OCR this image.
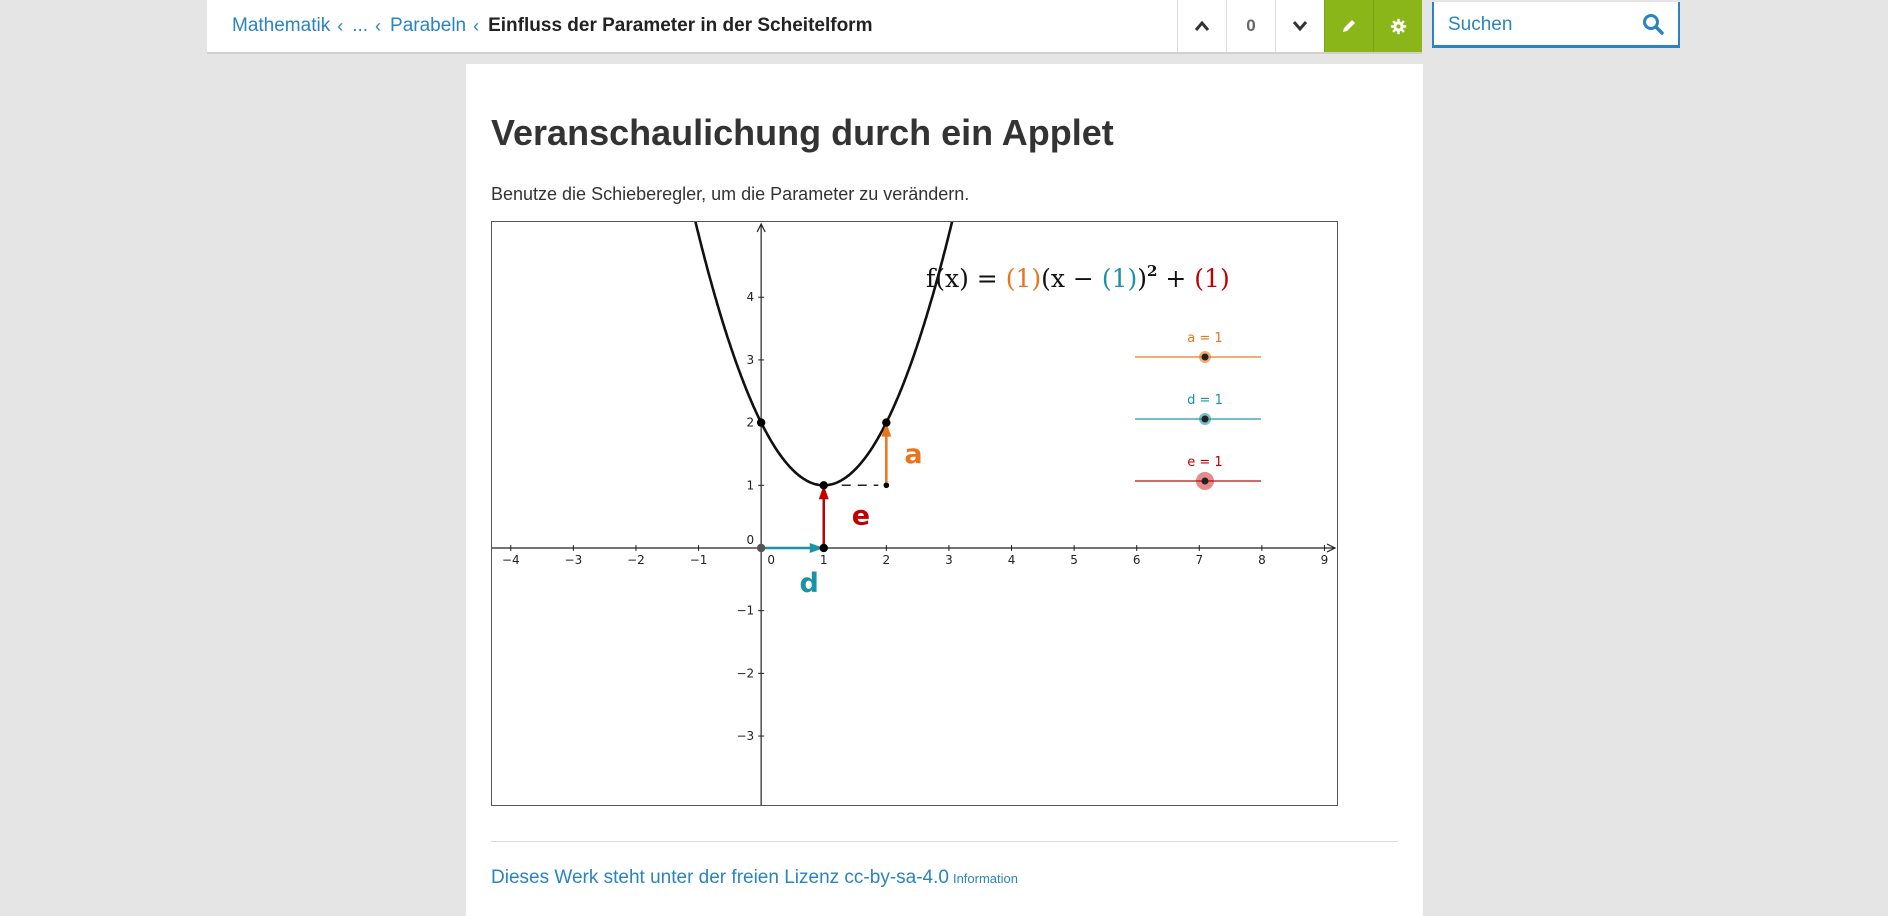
Mathematik ‹ ... ‹ Parabeln ‹ Einfluss der Parameter in der Scheitelform	0
Suchen
Veranschaulichung durch ein Applet

Benutze die Schieberegler, um die Parameter zu verändern.

−4	−3	−2	−1	0	1	2	3	4	5	6	7	8	9
−3
−2
−1
1
2
3
4
0
a
d
e
$f(x) = (1)(x - (1))^2 + (1)$
a = 1
d = 1
e = 1
Dieses Werk steht unter der freien Lizenz cc-by-sa-4.0 Information
